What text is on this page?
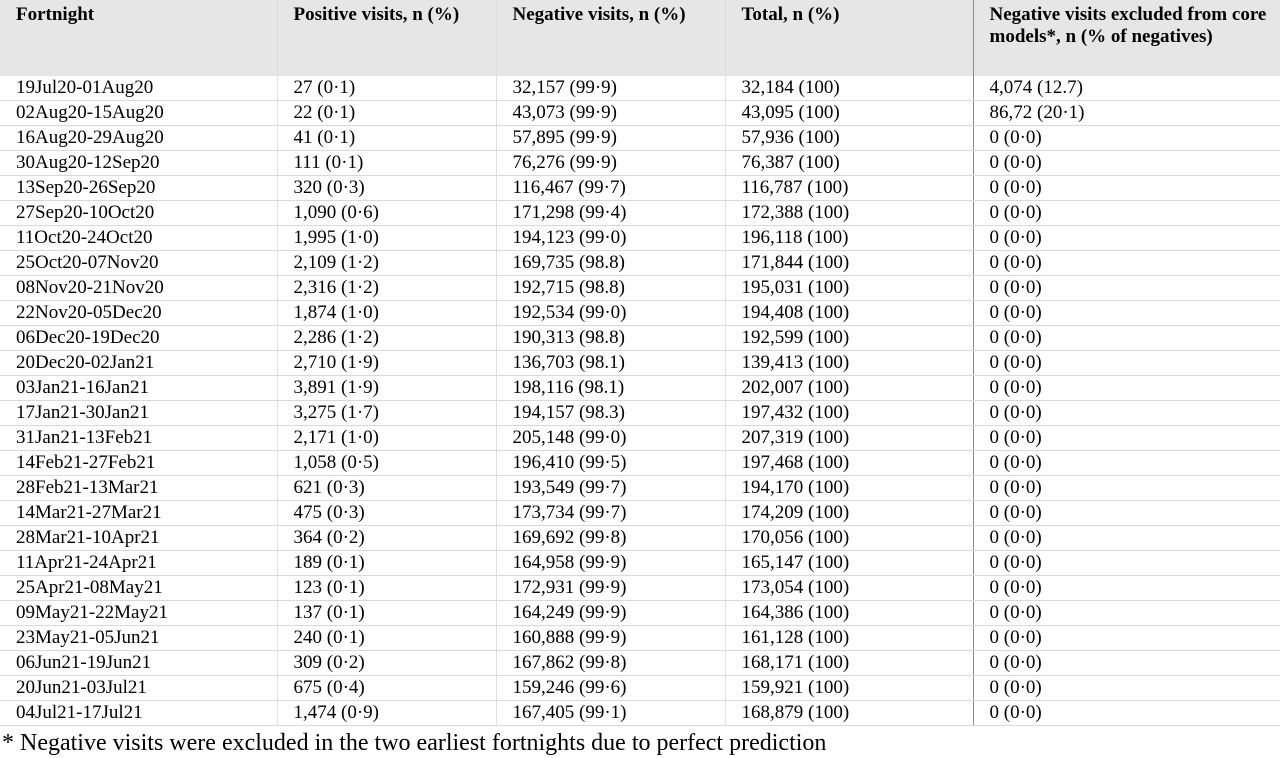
Fortnight	Positive visits, n (%)	Negative visits, n (%)	Total, n (%)	Negative visits excluded from core models*, n (% of negatives)
19Jul20-01Aug20	27 (0·1)	32,157 (99·9)	32,184 (100)	4,074 (12.7)
02Aug20-15Aug20	22 (0·1)	43,073 (99·9)	43,095 (100)	86,72 (20·1)
16Aug20-29Aug20	41 (0·1)	57,895 (99·9)	57,936 (100)	0 (0·0)
30Aug20-12Sep20	111 (0·1)	76,276 (99·9)	76,387 (100)	0 (0·0)
13Sep20-26Sep20	320 (0·3)	116,467 (99·7)	116,787 (100)	0 (0·0)
27Sep20-10Oct20	1,090 (0·6)	171,298 (99·4)	172,388 (100)	0 (0·0)
11Oct20-24Oct20	1,995 (1·0)	194,123 (99·0)	196,118 (100)	0 (0·0)
25Oct20-07Nov20	2,109 (1·2)	169,735 (98.8)	171,844 (100)	0 (0·0)
08Nov20-21Nov20	2,316 (1·2)	192,715 (98.8)	195,031 (100)	0 (0·0)
22Nov20-05Dec20	1,874 (1·0)	192,534 (99·0)	194,408 (100)	0 (0·0)
06Dec20-19Dec20	2,286 (1·2)	190,313 (98.8)	192,599 (100)	0 (0·0)
20Dec20-02Jan21	2,710 (1·9)	136,703 (98.1)	139,413 (100)	0 (0·0)
03Jan21-16Jan21	3,891 (1·9)	198,116 (98.1)	202,007 (100)	0 (0·0)
17Jan21-30Jan21	3,275 (1·7)	194,157 (98.3)	197,432 (100)	0 (0·0)
31Jan21-13Feb21	2,171 (1·0)	205,148 (99·0)	207,319 (100)	0 (0·0)
14Feb21-27Feb21	1,058 (0·5)	196,410 (99·5)	197,468 (100)	0 (0·0)
28Feb21-13Mar21	621 (0·3)	193,549 (99·7)	194,170 (100)	0 (0·0)
14Mar21-27Mar21	475 (0·3)	173,734 (99·7)	174,209 (100)	0 (0·0)
28Mar21-10Apr21	364 (0·2)	169,692 (99·8)	170,056 (100)	0 (0·0)
11Apr21-24Apr21	189 (0·1)	164,958 (99·9)	165,147 (100)	0 (0·0)
25Apr21-08May21	123 (0·1)	172,931 (99·9)	173,054 (100)	0 (0·0)
09May21-22May21	137 (0·1)	164,249 (99·9)	164,386 (100)	0 (0·0)
23May21-05Jun21	240 (0·1)	160,888 (99·9)	161,128 (100)	0 (0·0)
06Jun21-19Jun21	309 (0·2)	167,862 (99·8)	168,171 (100)	0 (0·0)
20Jun21-03Jul21	675 (0·4)	159,246 (99·6)	159,921 (100)	0 (0·0)
04Jul21-17Jul21	1,474 (0·9)	167,405 (99·1)	168,879 (100)	0 (0·0)
* Negative visits were excluded in the two earliest fortnights due to perfect prediction
